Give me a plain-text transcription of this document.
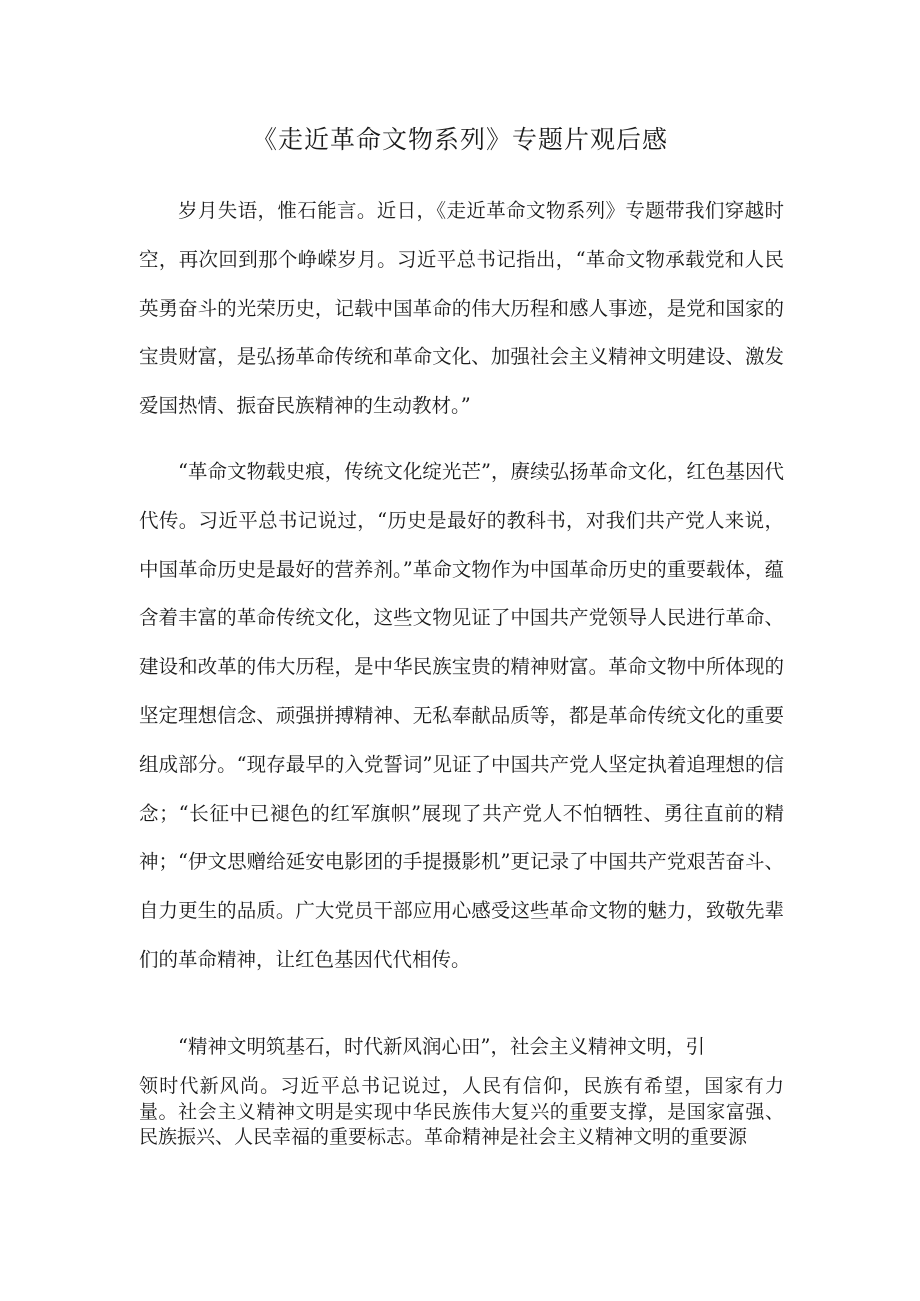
《走近革命文物系列》专题片观后感

岁月失语，惟石能言。近日，《走近革命文物系列》专题带我们穿越时空，再次回到那个峥嵘岁月。习近平总书记指出，“革命文物承载党和人民英勇奋斗的光荣历史，记载中国革命的伟大历程和感人事迹，是党和国家的宝贵财富，是弘扬革命传统和革命文化、加强社会主义精神文明建设、激发爱国热情、振奋民族精神的生动教材。”

“革命文物载史痕，传统文化绽光芒”，赓续弘扬革命文化，红色基因代代传。习近平总书记说过，“历史是最好的教科书，对我们共产党人来说，中国革命历史是最好的营养剂。”革命文物作为中国革命历史的重要载体，蕴含着丰富的革命传统文化，这些文物见证了中国共产党领导人民进行革命、建设和改革的伟大历程，是中华民族宝贵的精神财富。革命文物中所体现的坚定理想信念、顽强拼搏精神、无私奉献品质等，都是革命传统文化的重要组成部分。“现存最早的入党誓词”见证了中国共产党人坚定执着追理想的信念；“长征中已褪色的红军旗帜”展现了共产党人不怕牺牲、勇往直前的精神；“伊文思赠给延安电影团的手提摄影机”更记录了中国共产党艰苦奋斗、自力更生的品质。广大党员干部应用心感受这些革命文物的魅力，致敬先辈们的革命精神，让红色基因代代相传。

“精神文明筑基石，时代新风润心田”，社会主义精神文明，引

领时代新风尚。习近平总书记说过，人民有信仰，民族有希望，国家有力量。社会主义精神文明是实现中华民族伟大复兴的重要支撑，是国家富强、民族振兴、人民幸福的重要标志。革命精神是社会主义精神文明的重要源
